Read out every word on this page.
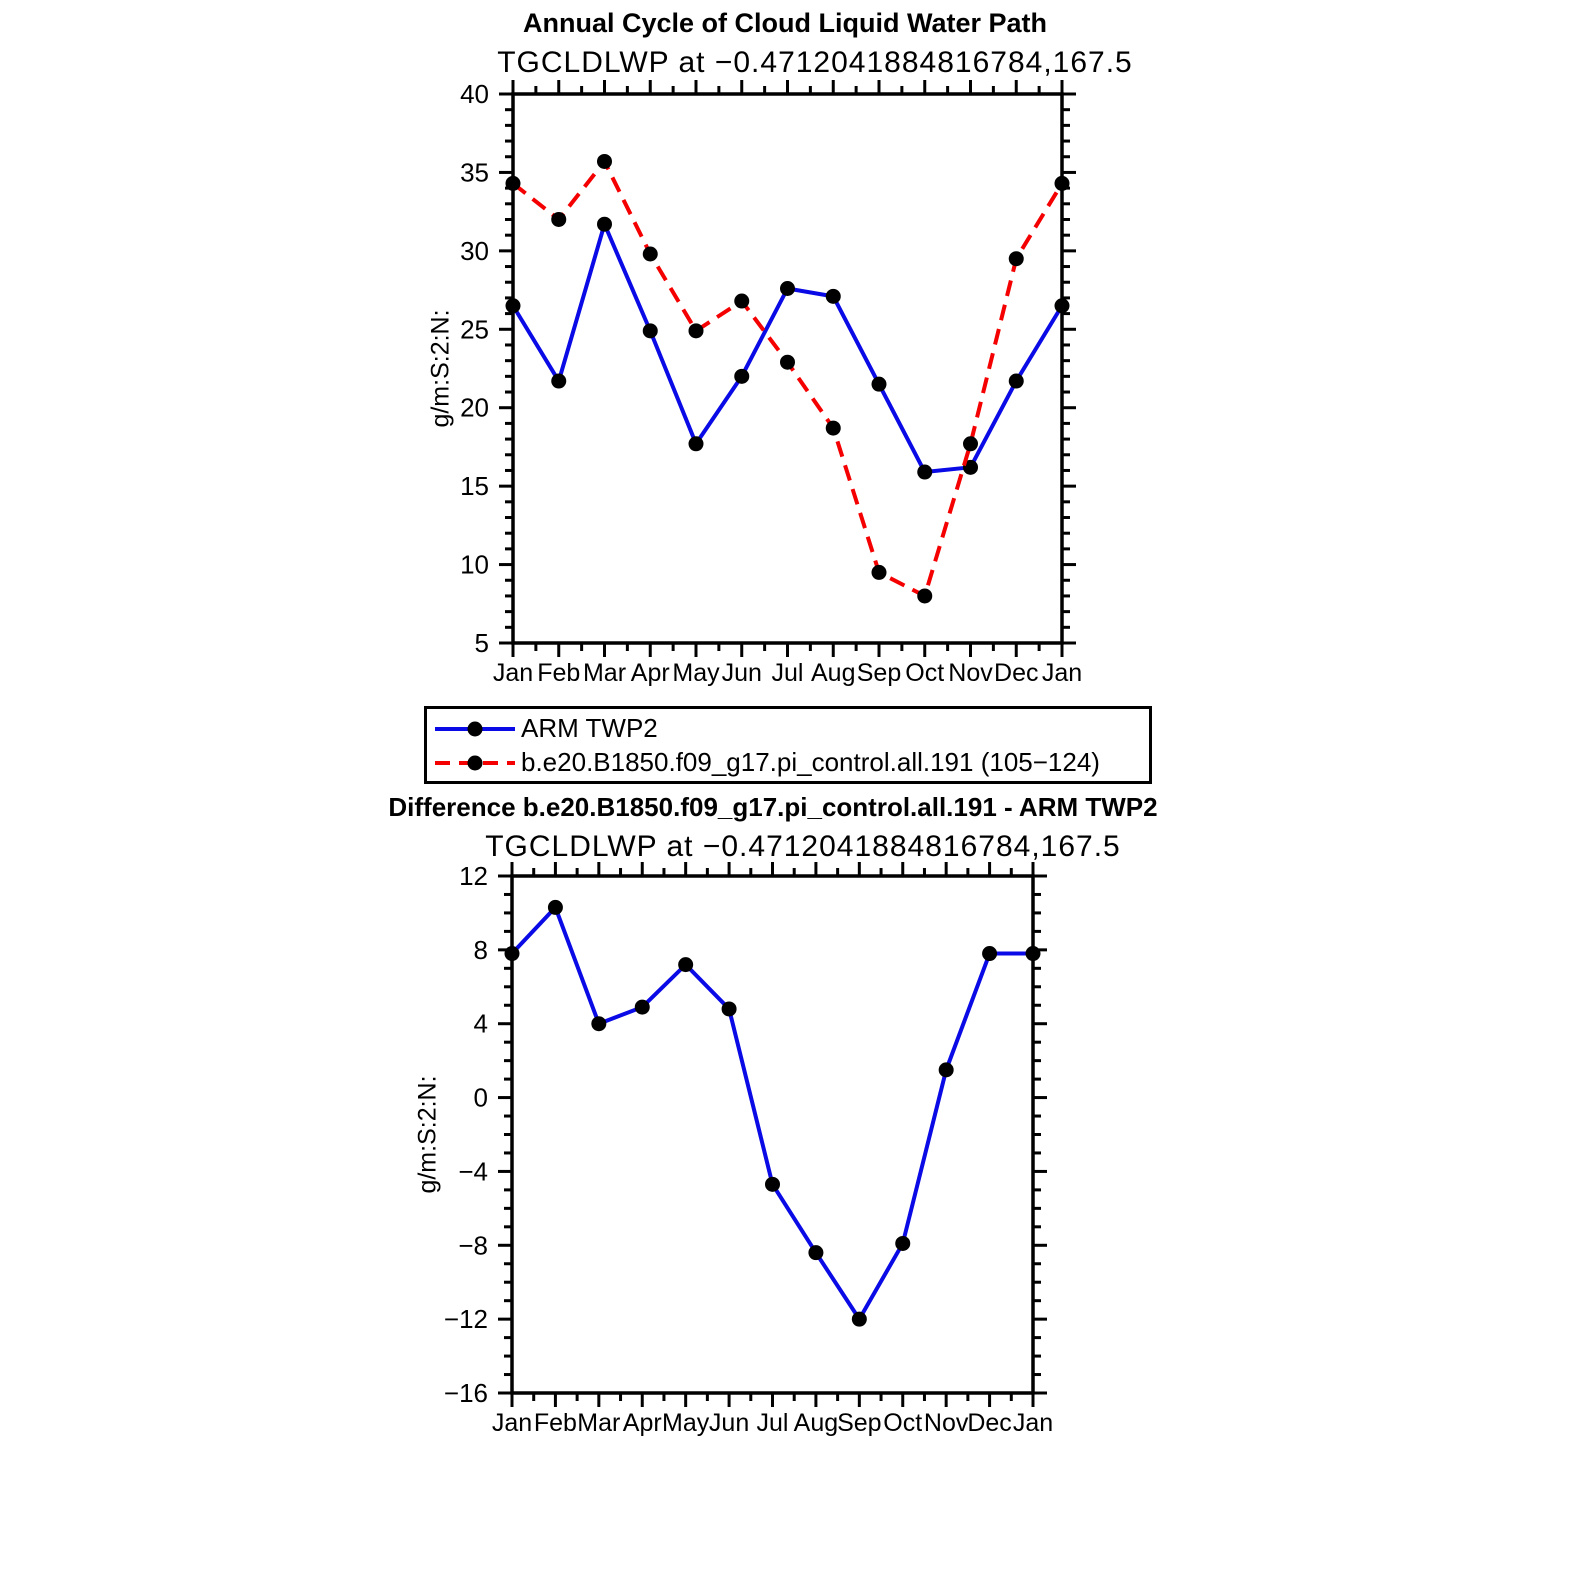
Annual Cycle of Cloud Liquid Water Path
TGCLDLWP at −0.4712041884816784,167.5
g/m:S:2:N:
Difference b.e20.B1850.f09_g17.pi_control.all.191 - ARM TWP2
TGCLDLWP at −0.4712041884816784,167.5
g/m:S:2:N:
5
10
15
20
25
30
35
40
Jan Feb Mar Apr May Jun Jul Aug Sep Oct Nov Dec Jan
−16
−12
−8
−4
0
4
8
12
Jan Feb Mar Apr May Jun Jul Aug
Sep Oct Nov
Dec Jan
ARM TWP2
b.e20.B1850.f09_g17.pi_control.all.191 (105−124)
